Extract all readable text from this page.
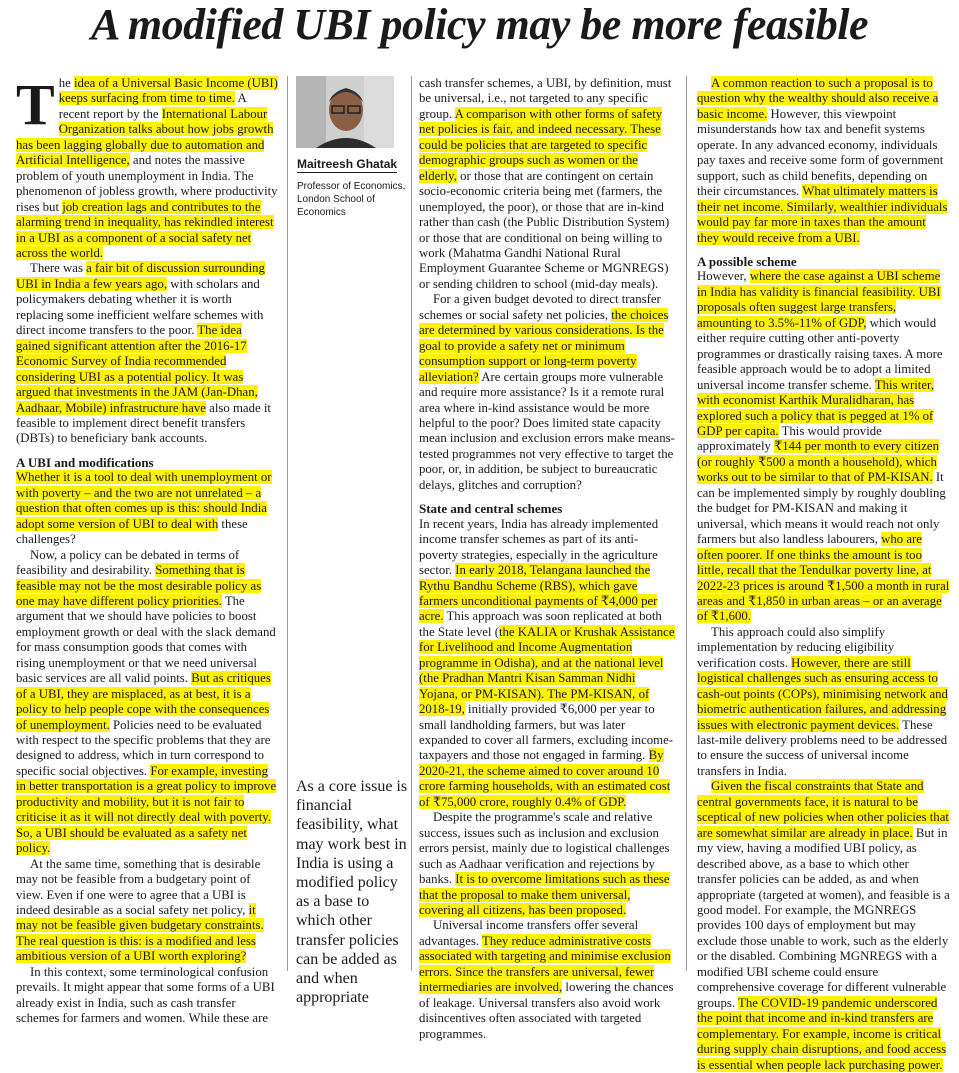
A modified UBI policy may be more feasible

The idea of a Universal Basic Income (UBI) keeps surfacing from time to time. A recent report by the International Labour Organization talks about how jobs growth has been lagging globally due to automation and Artificial Intelligence, and notes the massive problem of youth unemployment in India. The phenomenon of jobless growth, where productivity rises but job creation lags and contributes to the alarming trend in inequality, has rekindled interest in a UBI as a component of a social safety net across the world.

There was a fair bit of discussion surrounding UBI in India a few years ago, with scholars and policymakers debating whether it is worth replacing some inefficient welfare schemes with direct income transfers to the poor. The idea gained significant attention after the 2016-17 Economic Survey of India recommended considering UBI as a potential policy. It was argued that investments in the JAM (Jan-Dhan, Aadhaar, Mobile) infrastructure have also made it feasible to implement direct benefit transfers (DBTs) to beneficiary bank accounts.

A UBI and modifications

Whether it is a tool to deal with unemployment or with poverty – and the two are not unrelated – a question that often comes up is this: should India adopt some version of UBI to deal with these challenges?

Now, a policy can be debated in terms of feasibility and desirability. Something that is feasible may not be the most desirable policy as one may have different policy priorities. The argument that we should have policies to boost employment growth or deal with the slack demand for mass consumption goods that comes with rising unemployment or that we need universal basic services are all valid points. But as critiques of a UBI, they are misplaced, as at best, it is a policy to help people cope with the consequences of unemployment. Policies need to be evaluated with respect to the specific problems that they are designed to address, which in turn correspond to specific social objectives. For example, investing in better transportation is a great policy to improve productivity and mobility, but it is not fair to criticise it as it will not directly deal with poverty. So, a UBI should be evaluated as a safety net policy.

At the same time, something that is desirable may not be feasible from a budgetary point of view. Even if one were to agree that a UBI is indeed desirable as a social safety net policy, it may not be feasible given budgetary constraints. The real question is this: is a modified and less ambitious version of a UBI worth exploring?

In this context, some terminological confusion prevails. It might appear that some forms of a UBI already exist in India, such as cash transfer schemes for farmers and women. While these are

Maitreesh Ghatak
Professor of Economics, London School of Economics
As a core issue is financial feasibility, what may work best in India is using a modified policy as a base to which other transfer policies can be added as and when appropriate

cash transfer schemes, a UBI, by definition, must be universal, i.e., not targeted to any specific group. A comparison with other forms of safety net policies is fair, and indeed necessary. These could be policies that are targeted to specific demographic groups such as women or the elderly, or those that are contingent on certain socio-economic criteria being met (farmers, the unemployed, the poor), or those that are in-kind rather than cash (the Public Distribution System) or those that are conditional on being willing to work (Mahatma Gandhi National Rural Employment Guarantee Scheme or MGNREGS) or sending children to school (mid-day meals).

For a given budget devoted to direct transfer schemes or social safety net policies, the choices are determined by various considerations. Is the goal to provide a safety net or minimum consumption support or long-term poverty alleviation? Are certain groups more vulnerable and require more assistance? Is it a remote rural area where in-kind assistance would be more helpful to the poor? Does limited state capacity mean inclusion and exclusion errors make means-tested programmes not very effective to target the poor, or, in addition, be subject to bureaucratic delays, glitches and corruption?

State and central schemes

In recent years, India has already implemented income transfer schemes as part of its anti-poverty strategies, especially in the agriculture sector. In early 2018, Telangana launched the Rythu Bandhu Scheme (RBS), which gave farmers unconditional payments of ₹4,000 per acre. This approach was soon replicated at both the State level (the KALIA or Krushak Assistance for Livelihood and Income Augmentation programme in Odisha), and at the national level (the Pradhan Mantri Kisan Samman Nidhi Yojana, or PM-KISAN). The PM-KISAN, of 2018-19, initially provided ₹6,000 per year to small landholding farmers, but was later expanded to cover all farmers, excluding income-taxpayers and those not engaged in farming. By 2020-21, the scheme aimed to cover around 10 crore farming households, with an estimated cost of ₹75,000 crore, roughly 0.4% of GDP.

Despite the programme's scale and relative success, issues such as inclusion and exclusion errors persist, mainly due to logistical challenges such as Aadhaar verification and rejections by banks. It is to overcome limitations such as these that the proposal to make them universal, covering all citizens, has been proposed.

Universal income transfers offer several advantages. They reduce administrative costs associated with targeting and minimise exclusion errors. Since the transfers are universal, fewer intermediaries are involved, lowering the chances of leakage. Universal transfers also avoid work disincentives often associated with targeted programmes.

A common reaction to such a proposal is to question why the wealthy should also receive a basic income. However, this viewpoint misunderstands how tax and benefit systems operate. In any advanced economy, individuals pay taxes and receive some form of government support, such as child benefits, depending on their circumstances. What ultimately matters is their net income. Similarly, wealthier individuals would pay far more in taxes than the amount they would receive from a UBI.

A possible scheme

However, where the case against a UBI scheme in India has validity is financial feasibility. UBI proposals often suggest large transfers, amounting to 3.5%-11% of GDP, which would either require cutting other anti-poverty programmes or drastically raising taxes. A more feasible approach would be to adopt a limited universal income transfer scheme. This writer, with economist Karthik Muralidharan, has explored such a policy that is pegged at 1% of GDP per capita. This would provide approximately ₹144 per month to every citizen (or roughly ₹500 a month a household), which works out to be similar to that of PM-KISAN. It can be implemented simply by roughly doubling the budget for PM-KISAN and making it universal, which means it would reach not only farmers but also landless labourers, who are often poorer. If one thinks the amount is too little, recall that the Tendulkar poverty line, at 2022-23 prices is around ₹1,500 a month in rural areas and ₹1,850 in urban areas – or an average of ₹1,600.

This approach could also simplify implementation by reducing eligibility verification costs. However, there are still logistical challenges such as ensuring access to cash-out points (COPs), minimising network and biometric authentication failures, and addressing issues with electronic payment devices. These last-mile delivery problems need to be addressed to ensure the success of universal income transfers in India.

Given the fiscal constraints that State and central governments face, it is natural to be sceptical of new policies when other policies that are somewhat similar are already in place. But in my view, having a modified UBI policy, as described above, as a base to which other transfer policies can be added, as and when appropriate (targeted at women), and feasible is a good model. For example, the MGNREGS provides 100 days of employment but may exclude those unable to work, such as the elderly or the disabled. Combining MGNREGS with a modified UBI scheme could ensure comprehensive coverage for different vulnerable groups. The COVID-19 pandemic underscored the point that income and in-kind transfers are complementary. For example, income is critical during supply chain disruptions, and food access is essential when people lack purchasing power.
